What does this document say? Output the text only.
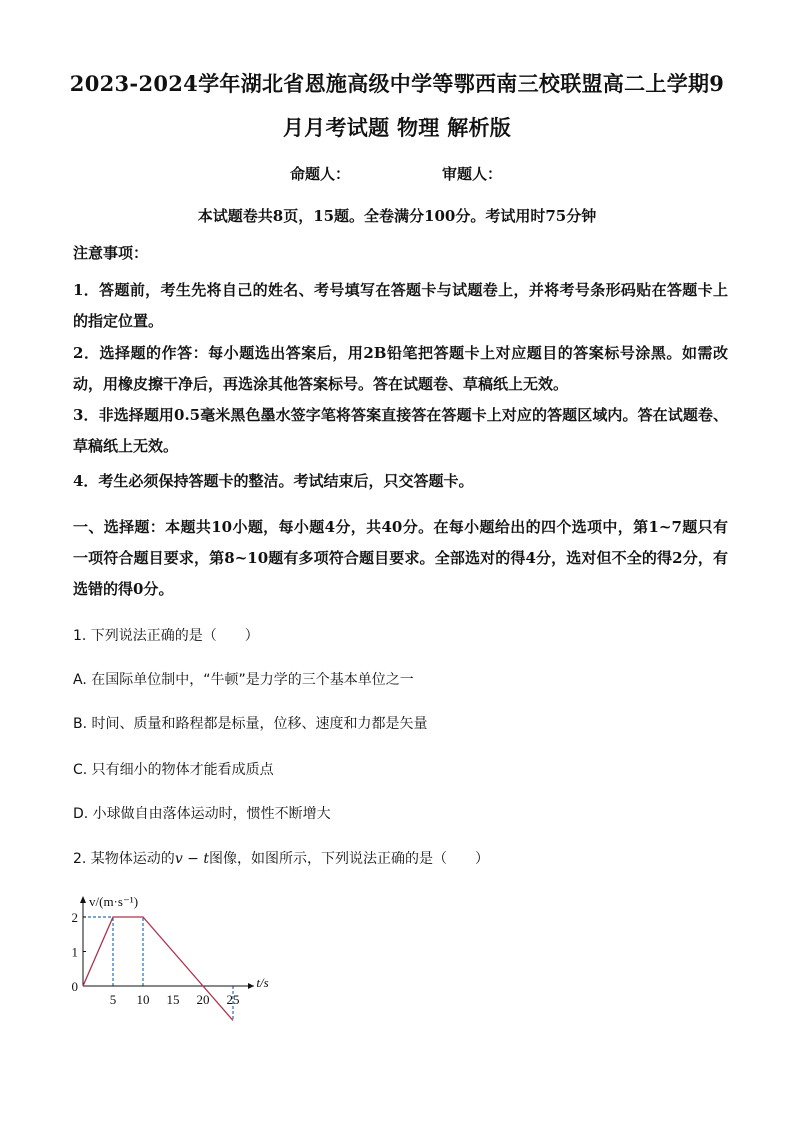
2023-2024学年湖北省恩施高级中学等鄂西南三校联盟高二上学期9
月月考试题 物理 解析版
命题人：	审题人：
本试题卷共8页，15题。全卷满分100分。考试用时75分钟
注意事项：
1．答题前，考生先将自己的姓名、考号填写在答题卡与试题卷上，并将考号条形码贴在答题卡上的指定位置。
2．选择题的作答：每小题选出答案后，用2B铅笔把答题卡上对应题目的答案标号涂黑。如需改动，用橡皮擦干净后，再选涂其他答案标号。答在试题卷、草稿纸上无效。
3．非选择题用0.5毫米黑色墨水签字笔将答案直接答在答题卡上对应的答题区域内。答在试题卷、草稿纸上无效。
4．考生必须保持答题卡的整洁。考试结束后，只交答题卡。
一、选择题：本题共10小题，每小题4分，共40分。在每小题给出的四个选项中，第1~7题只有一项符合题目要求，第8~10题有多项符合题目要求。全部选对的得4分，选对但不全的得2分，有选错的得0分。
1. 下列说法正确的是（　　）
A. 在国际单位制中，“牛顿”是力学的三个基本单位之一
B. 时间、质量和路程都是标量，位移、速度和力都是矢量
C. 只有细小的物体才能看成质点
D. 小球做自由落体运动时，惯性不断增大
2. 某物体运动的v − t图像，如图所示，下列说法正确的是（　　）
v/(m·s⁻¹)
t/s
5 10 15 20 25
0
1
2
